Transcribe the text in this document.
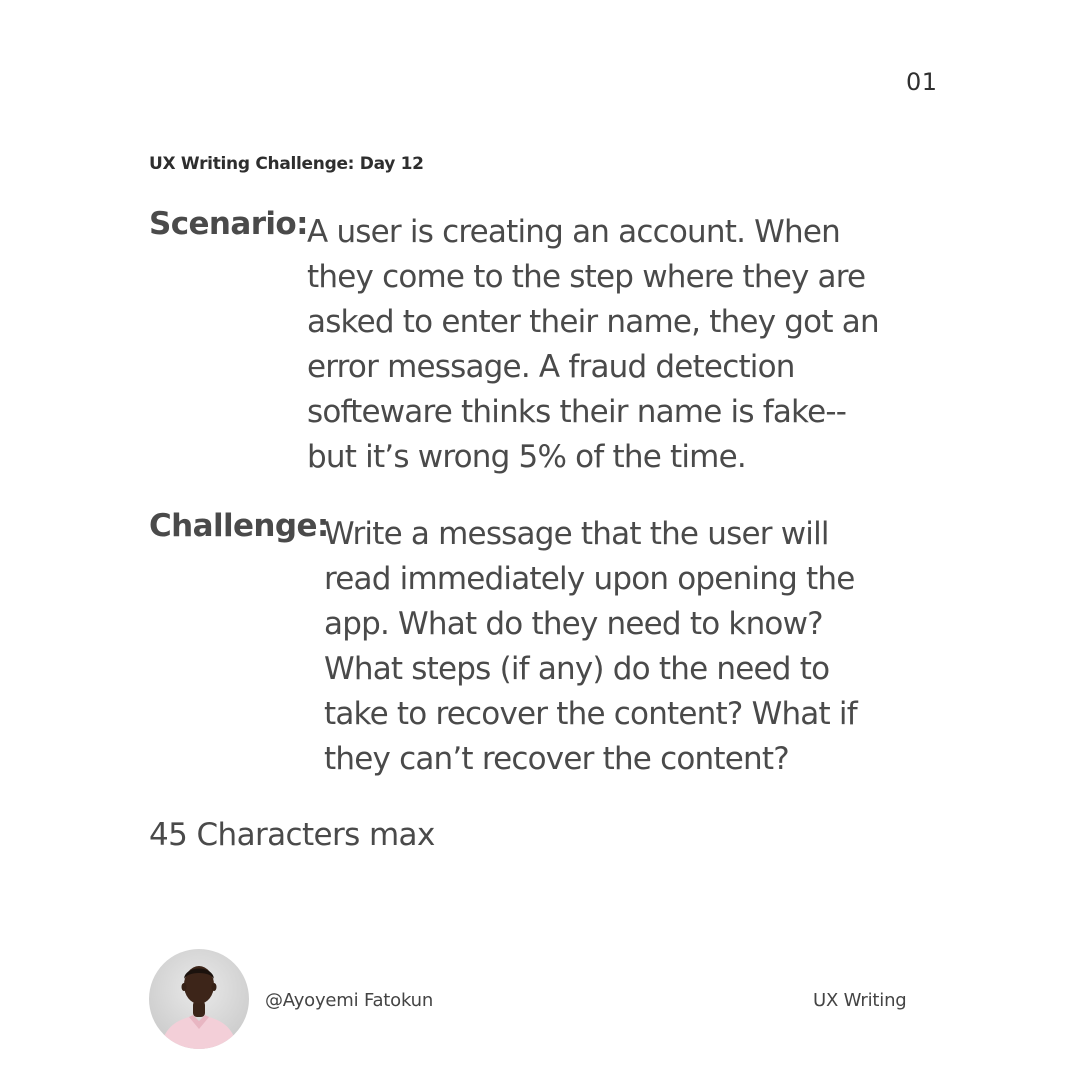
01
UX Writing Challenge: Day 12
Scenario: A user is creating an account. When
they come to the step where they are
asked to enter their name, they got an
error message. A fraud detection
softeware thinks their name is fake--
but it’s wrong 5% of the time.
Challenge:
Write a message that the user will
read immediately upon opening the
app. What do they need to know?
What steps (if any) do the need to
take to recover the content? What if
they can’t recover the content?
45 Characters max
@Ayoyemi Fatokun	UX Writing
